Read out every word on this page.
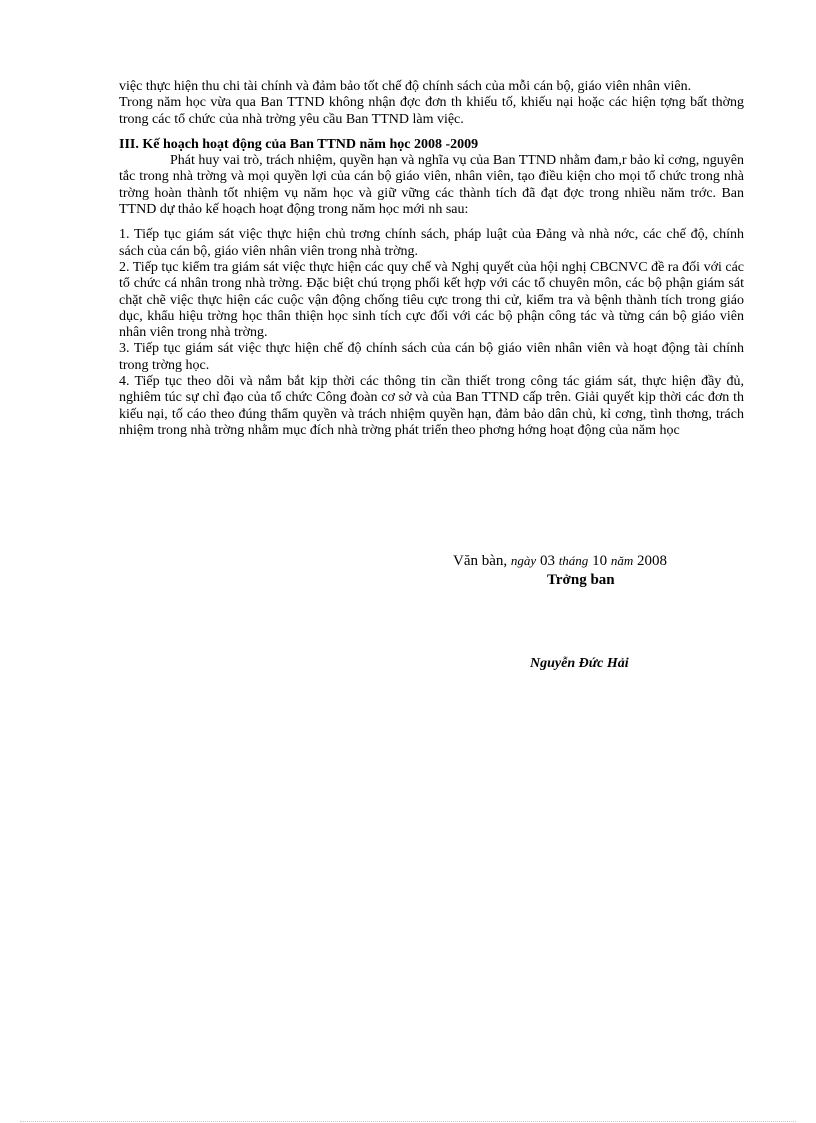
việc thực hiện thu chi tài chính và đảm bảo tốt chế độ chính sách của mỗi cán bộ, giáo viên nhân viên.

Trong năm học vừa qua Ban TTND không nhận đợc đơn th khiếu tố, khiếu nại hoặc các hiện tợng bất thờng trong các tổ chức của nhà trờng yêu cầu Ban TTND làm việc.

III. Kế hoạch hoạt động của Ban TTND năm học 2008 -2009

Phát huy vai trò, trách nhiệm, quyền hạn và nghĩa vụ của Ban TTND nhằm đam,r bảo kỉ cơng, nguyên tắc trong nhà trờng và mọi quyền lợi của cán bộ giáo viên, nhân viên, tạo điều kiện cho mọi tổ chức trong nhà trờng hoàn thành tốt nhiệm vụ năm học và giữ vững các thành tích đã đạt đợc trong nhiều năm trớc. Ban TTND dự thảo kế hoạch hoạt động trong năm học mới nh sau:

1. Tiếp tục giám sát việc thực hiện chủ trơng chính sách, pháp luật của Đảng và nhà nớc, các chế độ, chính sách của cán bộ, giáo viên nhân viên trong nhà trờng.

2. Tiếp tục kiểm tra giám sát việc thực hiện các quy chế và Nghị quyết của hội nghị CBCNVC đề ra đối với các tổ chức cá nhân trong nhà trờng. Đặc biệt chú trọng phối kết hợp với các tổ chuyên môn, các bộ phận giám sát chặt chẽ việc thực hiện các cuộc vận động chống tiêu cực trong thi cử, kiểm tra và bệnh thành tích trong giáo dục, khẩu hiệu trờng học thân thiện học sinh tích cực đối với các bộ phận công tác và từng cán bộ giáo viên nhân viên trong nhà trờng.

3. Tiếp tục giám sát việc thực hiện chế độ chính sách của cán bộ giáo viên nhân viên và hoạt động tài chính trong trờng học.

4. Tiếp tục theo dõi và nắm bắt kịp thời các thông tin cần thiết trong công tác giám sát, thực hiện đầy đủ, nghiêm túc sự chỉ đạo của tổ chức Công đoàn cơ sở và của Ban TTND cấp trên. Giải quyết kịp thời các đơn th kiếu nại, tố cáo theo đúng thẩm quyền và trách nhiệm quyền hạn, đảm bảo dân chủ, kỉ cơng, tình thơng, trách nhiệm trong nhà trờng nhằm mục đích nhà trờng phát triển theo phơng hớng hoạt động của năm học

Văn bàn, ngày 03 tháng 10 năm 2008
Trởng ban
Nguyễn Đức Hải
